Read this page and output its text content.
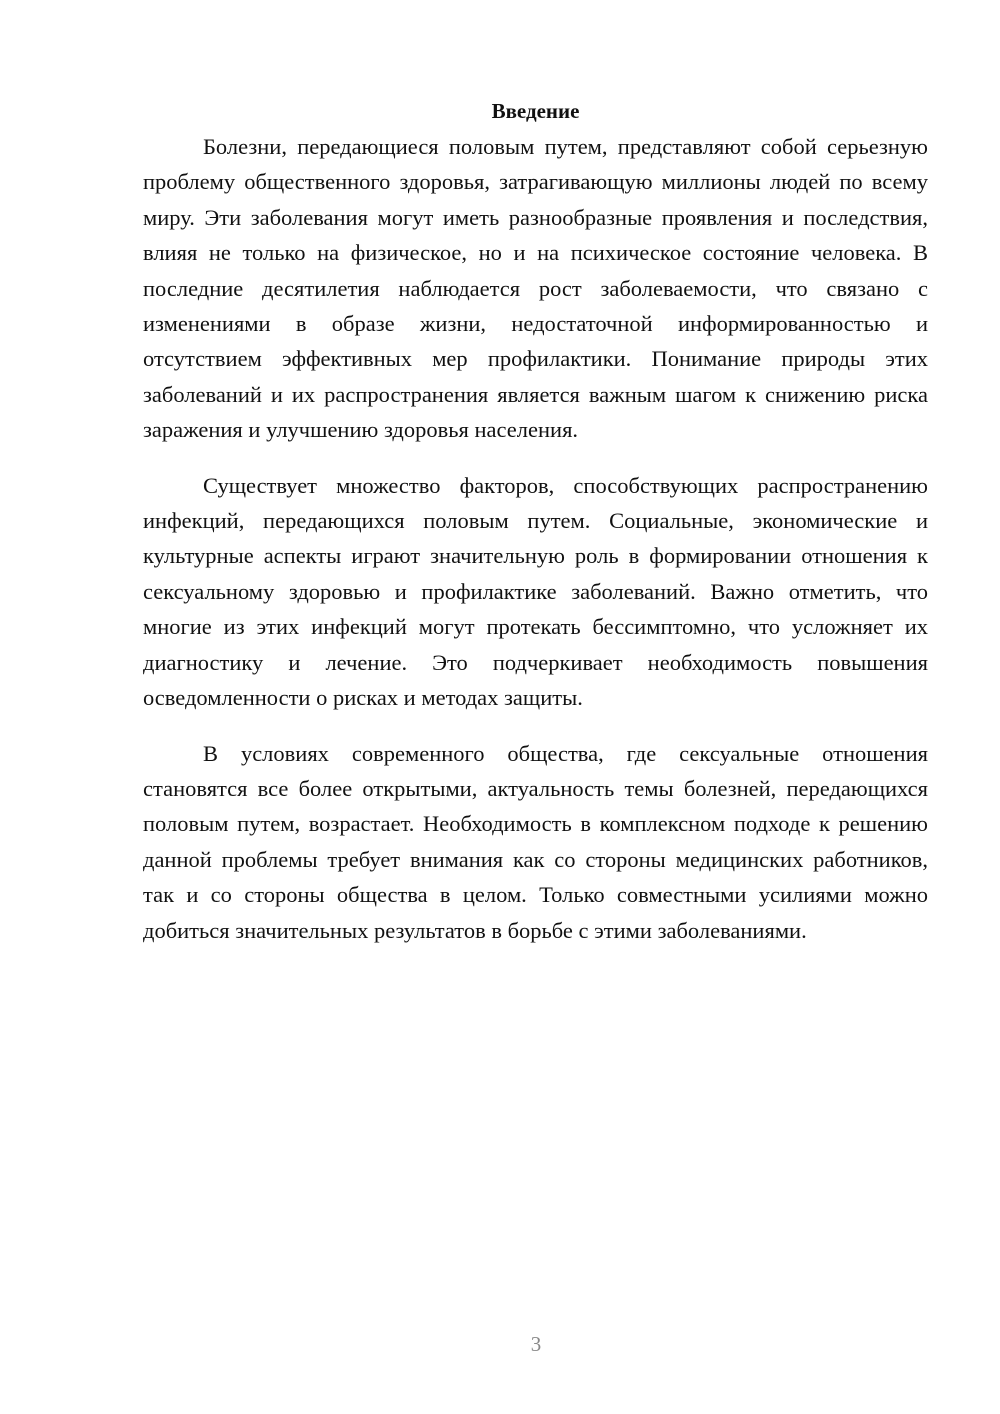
Введение

Болезни, передающиеся половым путем, представляют собой серьезную проблему общественного здоровья, затрагивающую миллионы людей по всему миру. Эти заболевания могут иметь разнообразные проявления и последствия, влияя не только на физическое, но и на психическое состояние человека. В последние десятилетия наблюдается рост заболеваемости, что связано с изменениями в образе жизни, недостаточной информированностью и отсутствием эффективных мер профилактики. Понимание природы этих заболеваний и их распространения является важным шагом к снижению риска заражения и улучшению здоровья населения.

Существует множество факторов, способствующих распространению инфекций, передающихся половым путем. Социальные, экономические и культурные аспекты играют значительную роль в формировании отношения к сексуальному здоровью и профилактике заболеваний. Важно отметить, что многие из этих инфекций могут протекать бессимптомно, что усложняет их диагностику и лечение. Это подчеркивает необходимость повышения осведомленности о рисках и методах защиты.

В условиях современного общества, где сексуальные отношения становятся все более открытыми, актуальность темы болезней, передающихся половым путем, возрастает. Необходимость в комплексном подходе к решению данной проблемы требует внимания как со стороны медицинских работников, так и со стороны общества в целом. Только совместными усилиями можно добиться значительных результатов в борьбе с этими заболеваниями.

3
